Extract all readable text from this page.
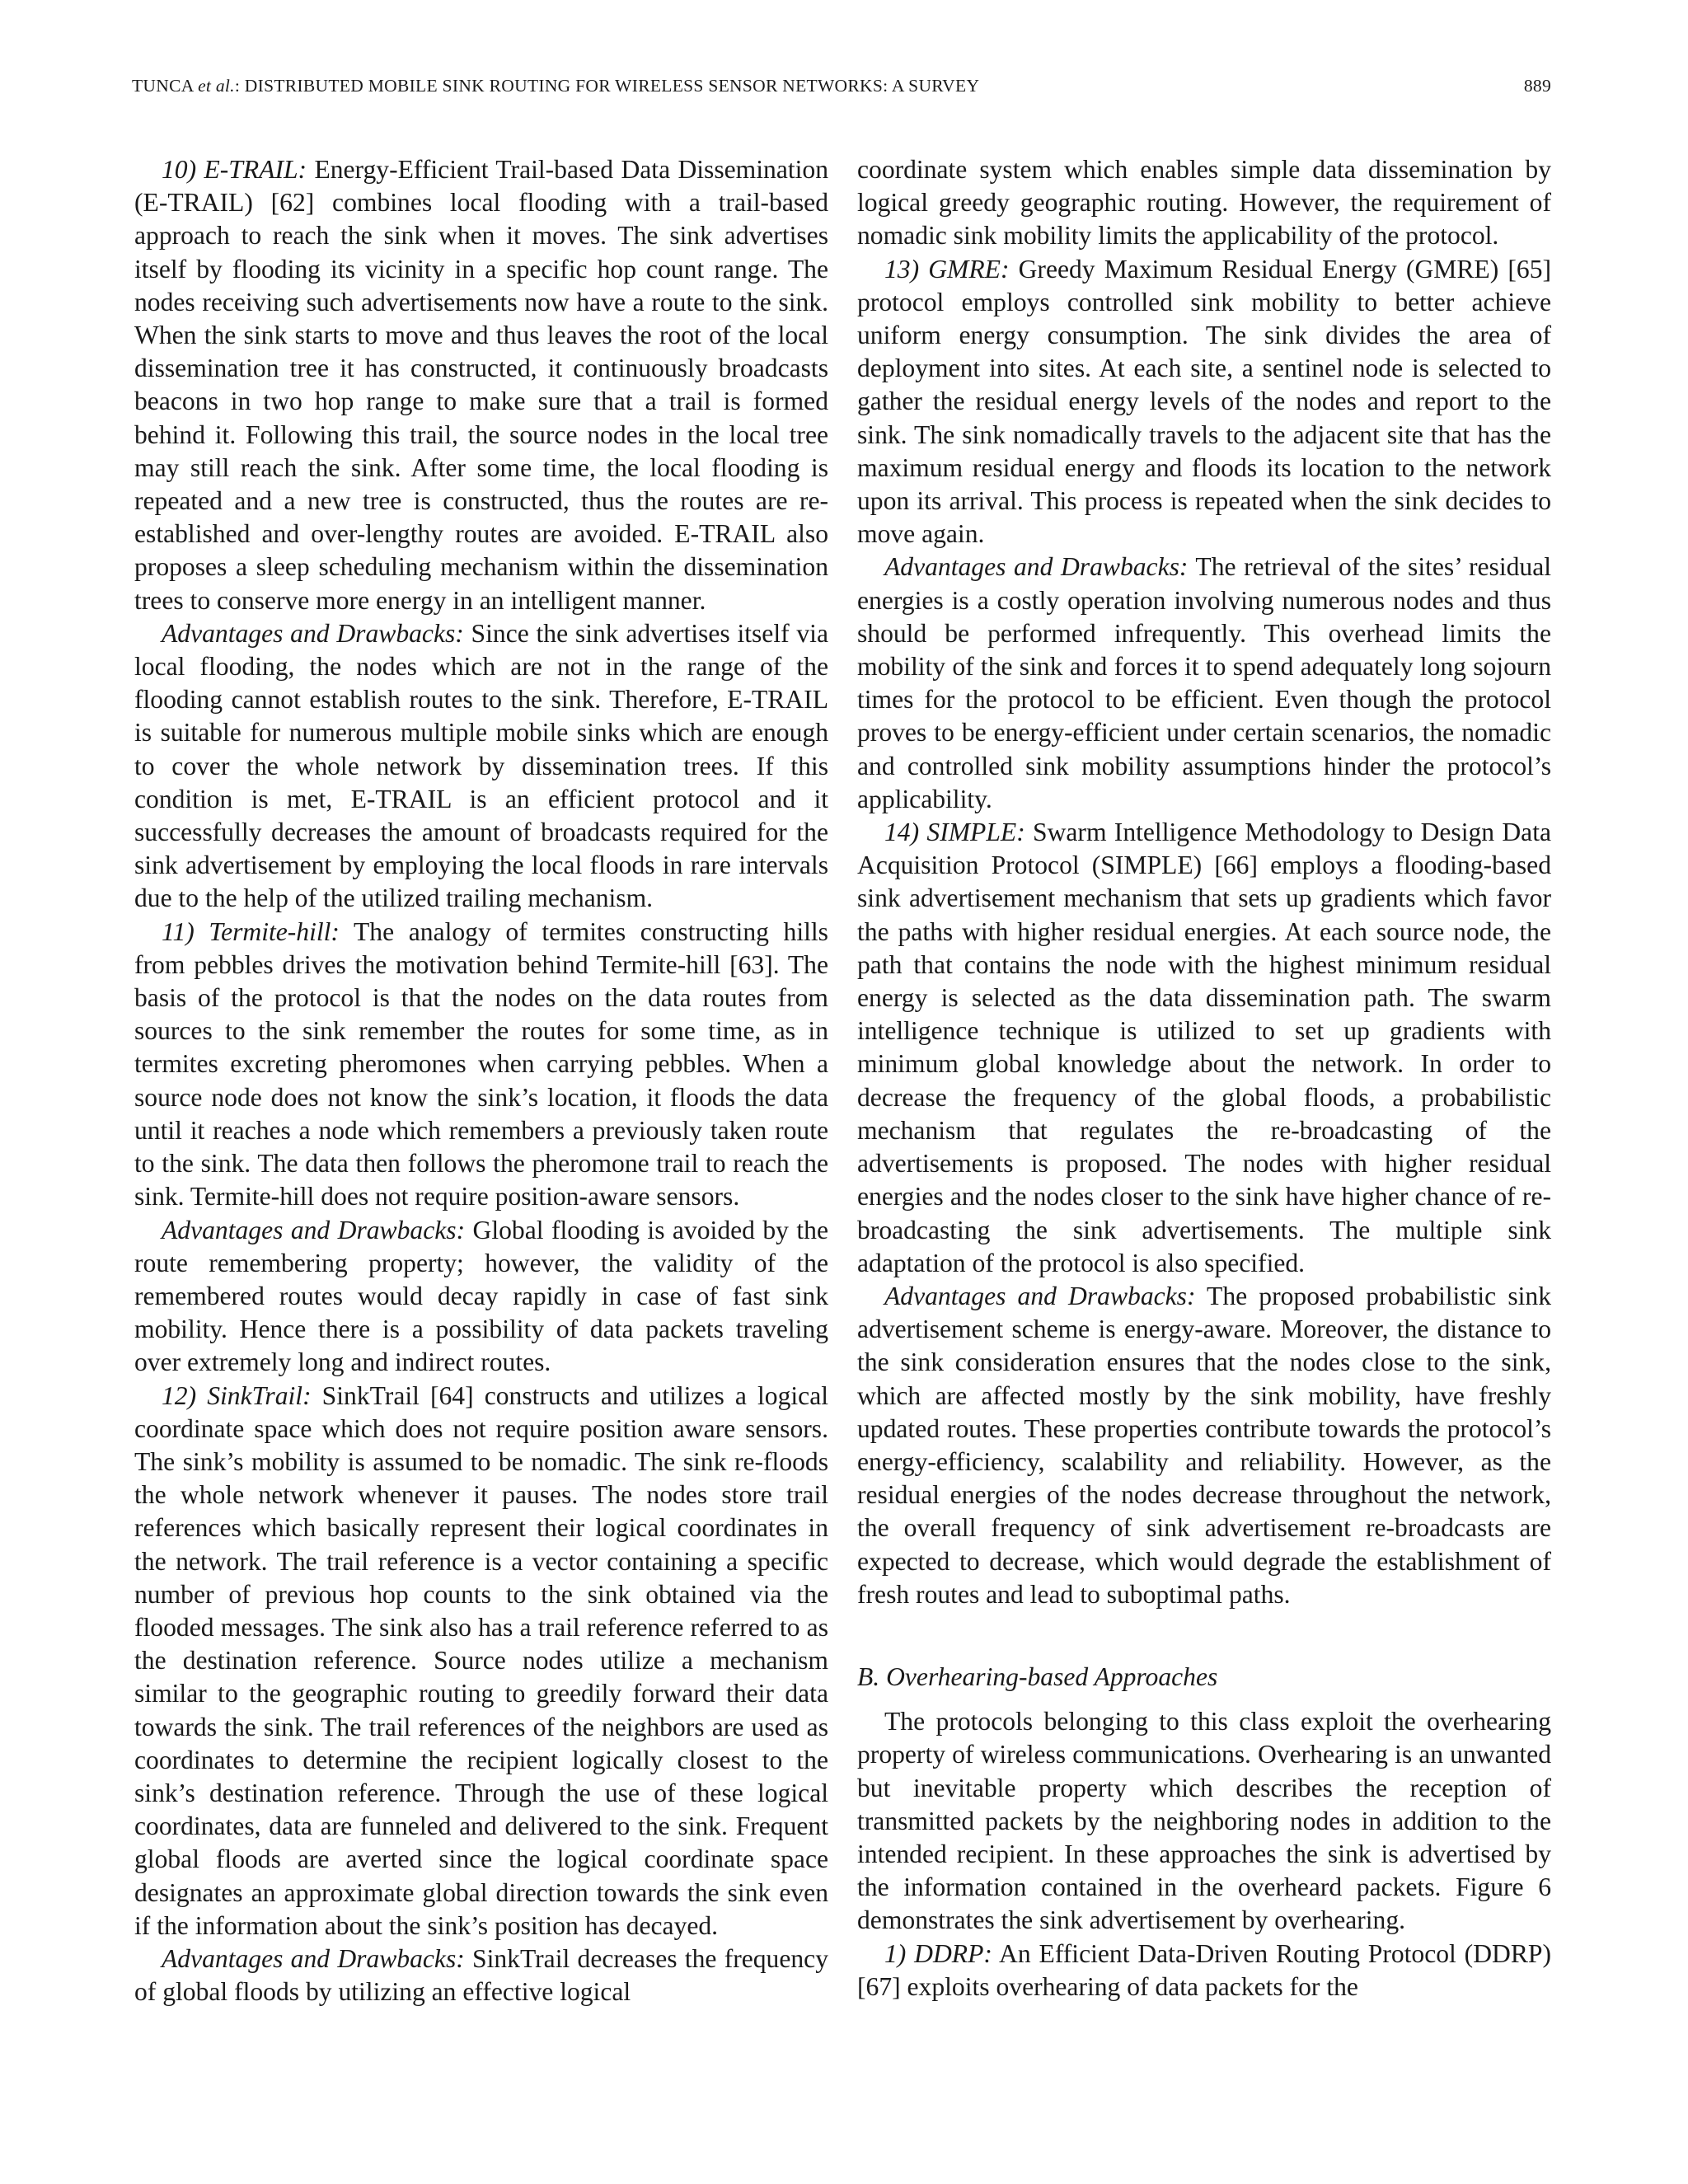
TUNCA et al.: DISTRIBUTED MOBILE SINK ROUTING FOR WIRELESS SENSOR NETWORKS: A SURVEY	889

10) E-TRAIL: Energy-Efficient Trail-based Data Dissemination (E-TRAIL) [62] combines local flooding with a trail-based approach to reach the sink when it moves. The sink advertises itself by flooding its vicinity in a specific hop count range. The nodes receiving such advertisements now have a route to the sink. When the sink starts to move and thus leaves the root of the local dissemination tree it has constructed, it continuously broadcasts beacons in two hop range to make sure that a trail is formed behind it. Following this trail, the source nodes in the local tree may still reach the sink. After some time, the local flooding is repeated and a new tree is constructed, thus the routes are re-established and over-lengthy routes are avoided. E-TRAIL also proposes a sleep scheduling mechanism within the dissemination trees to conserve more energy in an intelligent manner.

Advantages and Drawbacks: Since the sink advertises itself via local flooding, the nodes which are not in the range of the flooding cannot establish routes to the sink. Therefore, E-TRAIL is suitable for numerous multiple mobile sinks which are enough to cover the whole network by dissemination trees. If this condition is met, E-TRAIL is an efficient protocol and it successfully decreases the amount of broadcasts required for the sink advertisement by employing the local floods in rare intervals due to the help of the utilized trailing mechanism.

11) Termite-hill: The analogy of termites constructing hills from pebbles drives the motivation behind Termite-hill [63]. The basis of the protocol is that the nodes on the data routes from sources to the sink remember the routes for some time, as in termites excreting pheromones when carrying pebbles. When a source node does not know the sink’s location, it floods the data until it reaches a node which remembers a previously taken route to the sink. The data then follows the pheromone trail to reach the sink. Termite-hill does not require position-aware sensors.

Advantages and Drawbacks: Global flooding is avoided by the route remembering property; however, the validity of the remembered routes would decay rapidly in case of fast sink mobility. Hence there is a possibility of data packets traveling over extremely long and indirect routes.

12) SinkTrail: SinkTrail [64] constructs and utilizes a logical coordinate space which does not require position aware sensors. The sink’s mobility is assumed to be nomadic. The sink re-floods the whole network whenever it pauses. The nodes store trail references which basically represent their logical coordinates in the network. The trail reference is a vector containing a specific number of previous hop counts to the sink obtained via the flooded messages. The sink also has a trail reference referred to as the destination reference. Source nodes utilize a mechanism similar to the geographic routing to greedily forward their data towards the sink. The trail references of the neighbors are used as coordinates to determine the recipient logically closest to the sink’s destination reference. Through the use of these logical coordinates, data are funneled and delivered to the sink. Frequent global floods are averted since the logical coordinate space designates an approximate global direction towards the sink even if the information about the sink’s position has decayed.

Advantages and Drawbacks: SinkTrail decreases the frequency of global floods by utilizing an effective logical

coordinate system which enables simple data dissemination by logical greedy geographic routing. However, the requirement of nomadic sink mobility limits the applicability of the protocol.

13) GMRE: Greedy Maximum Residual Energy (GMRE) [65] protocol employs controlled sink mobility to better achieve uniform energy consumption. The sink divides the area of deployment into sites. At each site, a sentinel node is selected to gather the residual energy levels of the nodes and report to the sink. The sink nomadically travels to the adjacent site that has the maximum residual energy and floods its location to the network upon its arrival. This process is repeated when the sink decides to move again.

Advantages and Drawbacks: The retrieval of the sites’ residual energies is a costly operation involving numerous nodes and thus should be performed infrequently. This overhead limits the mobility of the sink and forces it to spend adequately long sojourn times for the protocol to be efficient. Even though the protocol proves to be energy-efficient under certain scenarios, the nomadic and controlled sink mobility assumptions hinder the protocol’s applicability.

14) SIMPLE: Swarm Intelligence Methodology to Design Data Acquisition Protocol (SIMPLE) [66] employs a flooding-based sink advertisement mechanism that sets up gradients which favor the paths with higher residual energies. At each source node, the path that contains the node with the highest minimum residual energy is selected as the data dissemination path. The swarm intelligence technique is utilized to set up gradients with minimum global knowledge about the network. In order to decrease the frequency of the global floods, a probabilistic mechanism that regulates the re-broadcasting of the advertisements is proposed. The nodes with higher residual energies and the nodes closer to the sink have higher chance of re-broadcasting the sink advertisements. The multiple sink adaptation of the protocol is also specified.

Advantages and Drawbacks: The proposed probabilistic sink advertisement scheme is energy-aware. Moreover, the distance to the sink consideration ensures that the nodes close to the sink, which are affected mostly by the sink mobility, have freshly updated routes. These properties contribute towards the protocol’s energy-efficiency, scalability and reliability. However, as the residual energies of the nodes decrease throughout the network, the overall frequency of sink advertisement re-broadcasts are expected to decrease, which would degrade the establishment of fresh routes and lead to suboptimal paths.

B. Overhearing-based Approaches

The protocols belonging to this class exploit the overhearing property of wireless communications. Overhearing is an unwanted but inevitable property which describes the reception of transmitted packets by the neighboring nodes in addition to the intended recipient. In these approaches the sink is advertised by the information contained in the overheard packets. Figure 6 demonstrates the sink advertisement by overhearing.

1) DDRP: An Efficient Data-Driven Routing Protocol (DDRP) [67] exploits overhearing of data packets for the
